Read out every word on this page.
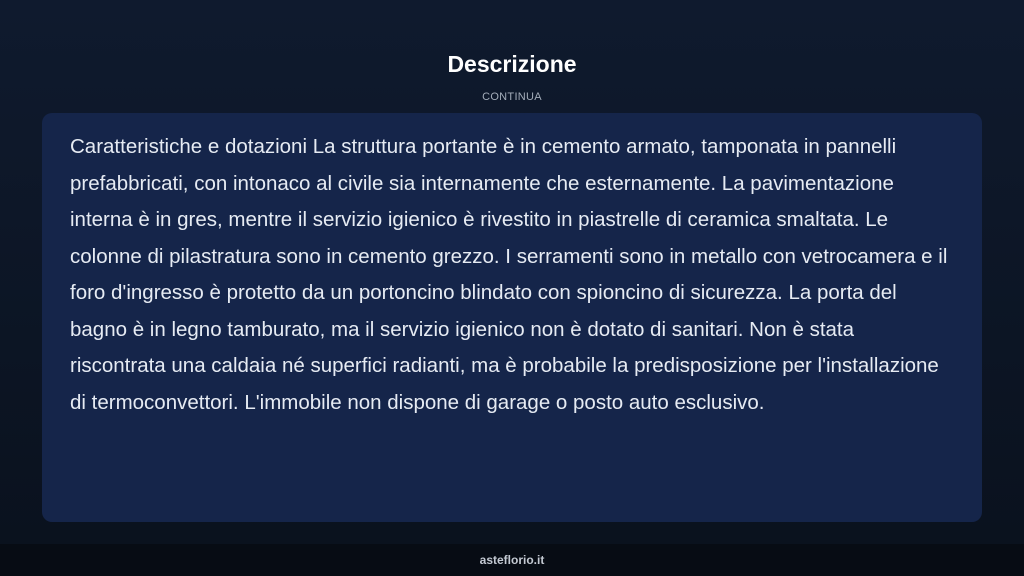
Descrizione
CONTINUA

Caratteristiche e dotazioni La struttura portante è in cemento armato, tamponata in pannelli prefabbricati, con intonaco al civile sia internamente che esternamente. La pavimentazione interna è in gres, mentre il servizio igienico è rivestito in piastrelle di ceramica smaltata. Le colonne di pilastratura sono in cemento grezzo. I serramenti sono in metallo con vetrocamera e il foro d'ingresso è protetto da un portoncino blindato con spioncino di sicurezza. La porta del bagno è in legno tamburato, ma il servizio igienico non è dotato di sanitari. Non è stata riscontrata una caldaia né superfici radianti, ma è probabile la predisposizione per l'installazione di termoconvettori. L'immobile non dispone di garage o posto auto esclusivo.

asteflorio.it
